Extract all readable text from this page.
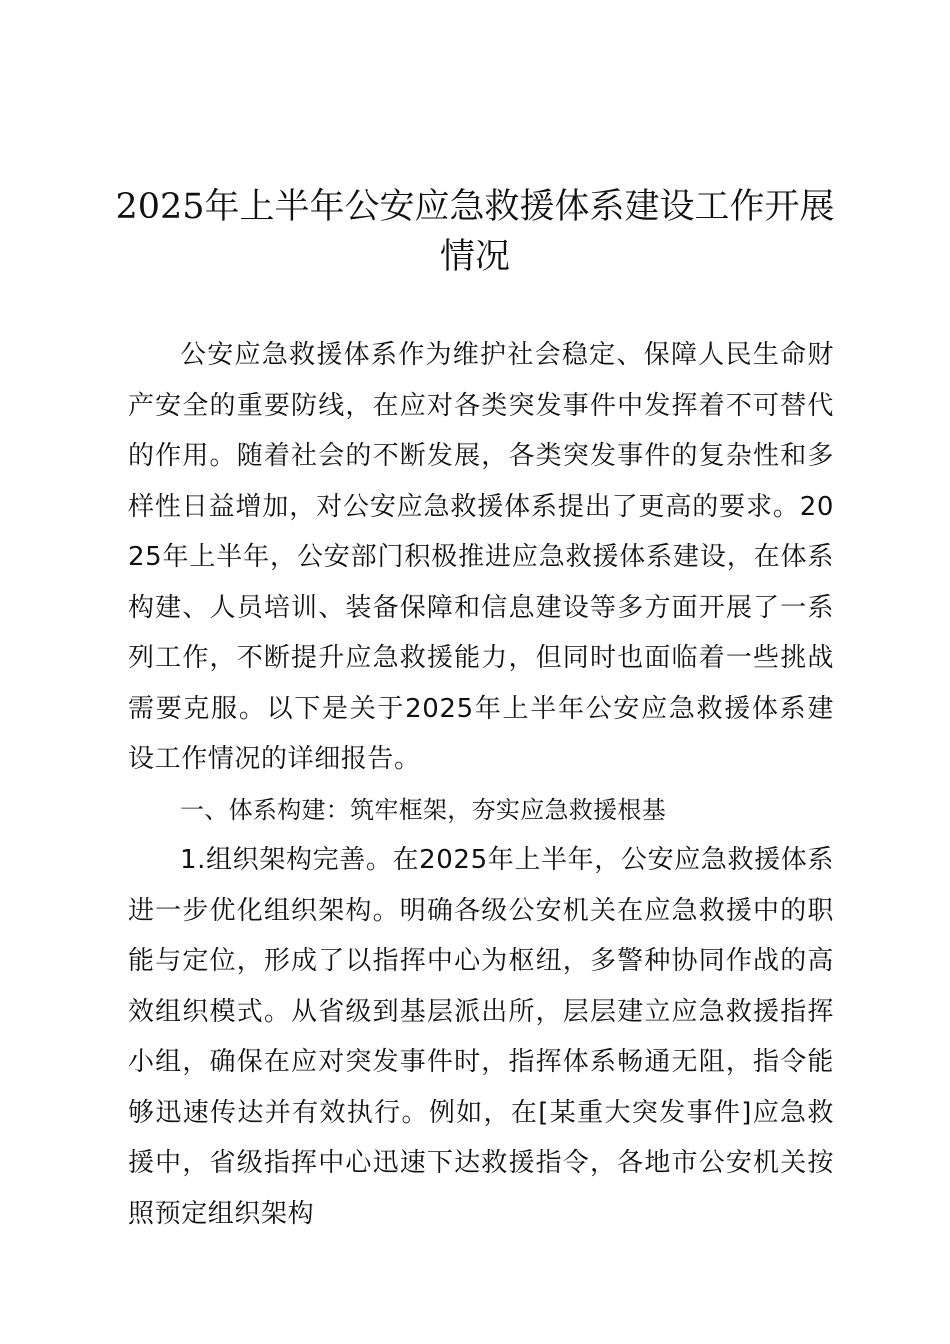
2025年上半年公安应急救援体系建设工作开展情况

公安应急救援体系作为维护社会稳定、保障人民生命财产安全的重要防线，在应对各类突发事件中发挥着不可替代的作用。随着社会的不断发展，各类突发事件的复杂性和多样性日益增加，对公安应急救援体系提出了更高的要求。2025年上半年，公安部门积极推进应急救援体系建设，在体系构建、人员培训、装备保障和信息建设等多方面开展了一系列工作，不断提升应急救援能力，但同时也面临着一些挑战需要克服。以下是关于2025年上半年公安应急救援体系建设工作情况的详细报告。

一、体系构建：筑牢框架，夯实应急救援根基

1.组织架构完善。在2025年上半年，公安应急救援体系进一步优化组织架构。明确各级公安机关在应急救援中的职能与定位，形成了以指挥中心为枢纽，多警种协同作战的高效组织模式。从省级到基层派出所，层层建立应急救援指挥小组，确保在应对突发事件时，指挥体系畅通无阻，指令能够迅速传达并有效执行。例如，在[某重大突发事件]应急救援中，省级指挥中心迅速下达救援指令，各地市公安机关按照预定组织架构
